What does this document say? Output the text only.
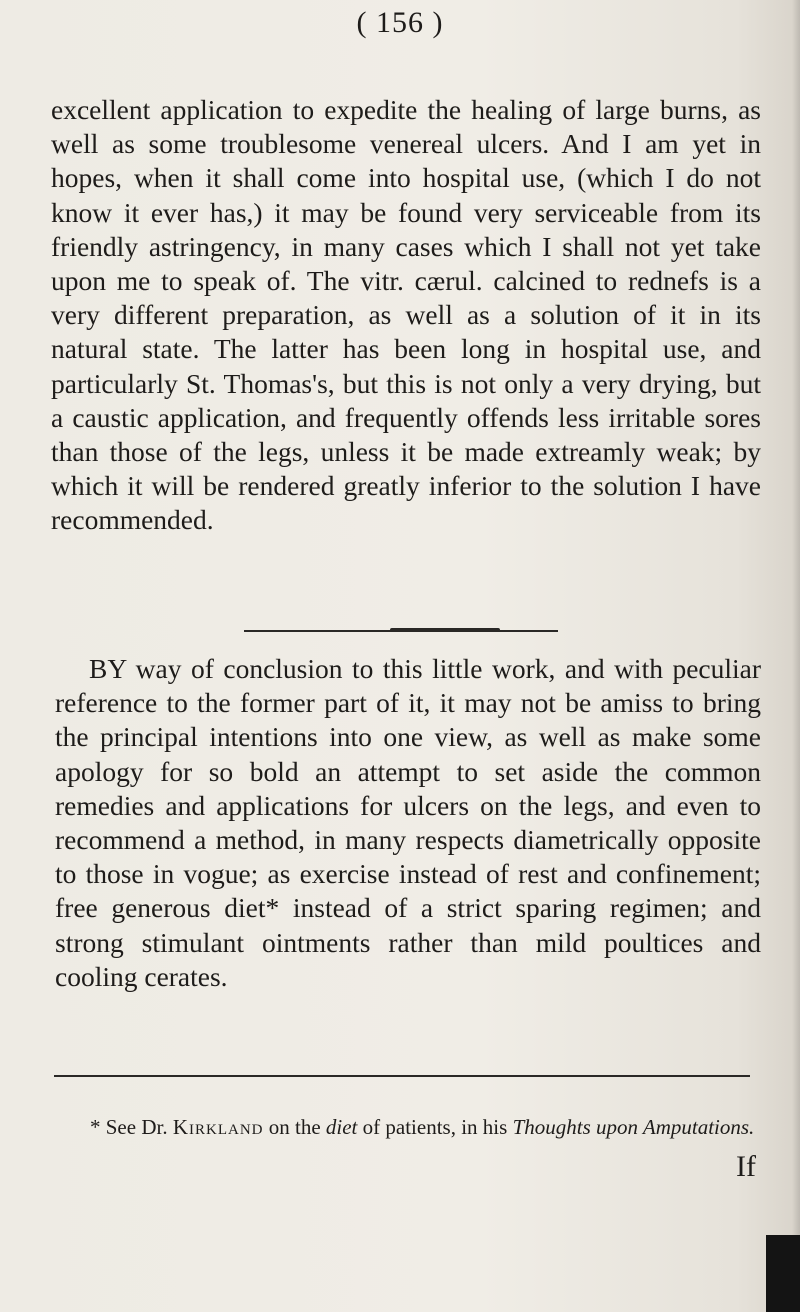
( 156 )

excellent application to expedite the healing of large burns, as well as some troublesome venereal ulcers. And I am yet in hopes, when it shall come into hospital use, (which I do not know it ever has,) it may be found very serviceable from its friendly astringency, in many cases which I shall not yet take upon me to speak of. The vitr. cærul. calcined to rednefs is a very different preparation, as well as a solution of it in its natural state. The latter has been long in hospital use, and particularly St. Thomas's, but this is not only a very drying, but a caustic application, and frequently offends less irritable sores than those of the legs, unless it be made extreamly weak; by which it will be rendered greatly inferior to the solution I have recommended.

BY way of conclusion to this little work, and with peculiar reference to the former part of it, it may not be amiss to bring the principal intentions into one view, as well as make some apology for so bold an attempt to set aside the common remedies and applications for ulcers on the legs, and even to recommend a method, in many respects diametrically opposite to those in vogue; as exercise instead of rest and confinement; free generous diet* instead of a strict sparing regimen; and strong stimulant ointments rather than mild poultices and cooling cerates.

* See Dr. Kirkland on the diet of patients, in his Thoughts upon Amputations.

If
